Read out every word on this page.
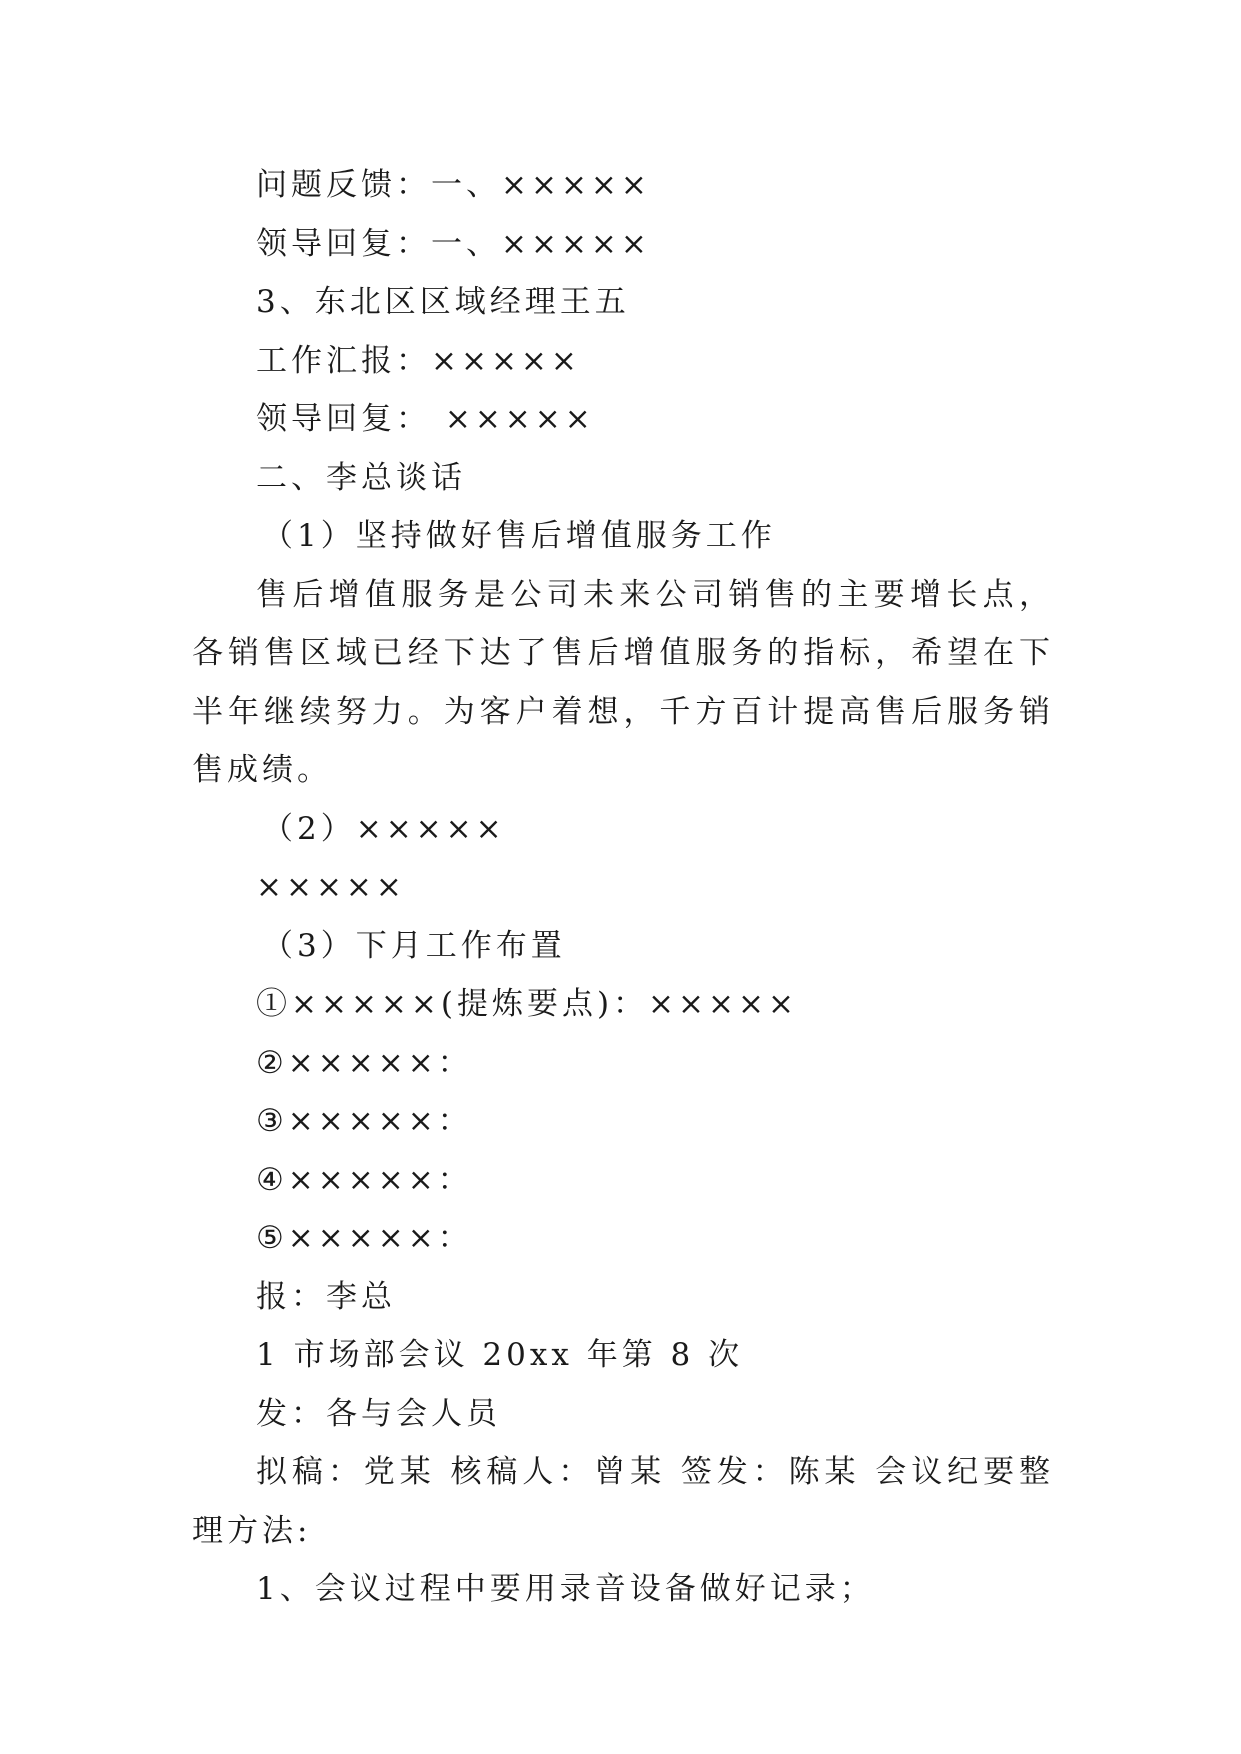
问题反馈：一、×××××
领导回复：一、×××××
3、东北区区域经理王五
工作汇报：×××××
领导回复： ×××××
二、李总谈话
（1）坚持做好售后增值服务工作
售后增值服务是公司未来公司销售的主要增长点，各销售区域已经下达了售后增值服务的指标，希望在下半年继续努力。为客户着想，千方百计提高售后服务销售成绩。
（2）×××××
×××××
（3）下月工作布置
①×××××(提炼要点)：×××××
②×××××：
③×××××：
④×××××：
⑤×××××：
报：李总
1 市场部会议 20xx 年第 8 次
发：各与会人员
拟稿：党某 核稿人：曾某 签发：陈某 会议纪要整理方法:
1、会议过程中要用录音设备做好记录；
